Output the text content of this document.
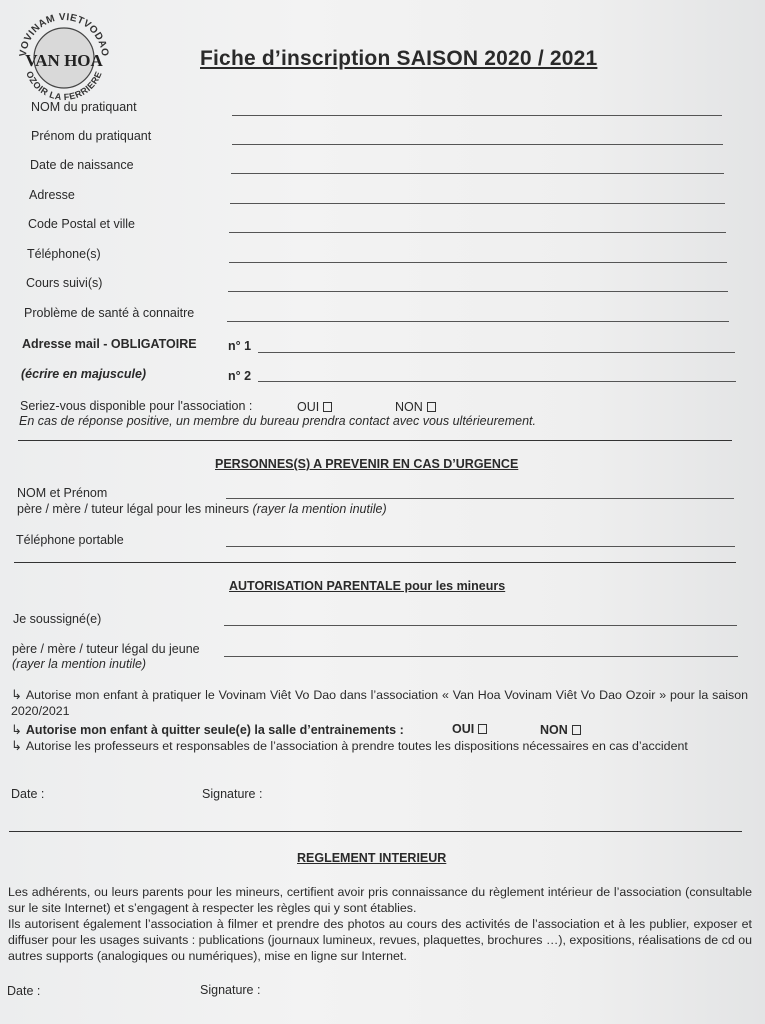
VOVINAM VIETVODAO
OZOIR LA FERRIERE
VAN HOA	Fiche d’inscription SAISON 2020 / 2021
NOM du pratiquant
Prénom du pratiquant
Date de naissance
Adresse
Code Postal et ville
Téléphone(s)
Cours suivi(s)
Problème de santé à connaitre
Adresse mail - OBLIGATOIRE	n° 1
(écrire en majuscule)	n° 2
Seriez-vous disponible pour l'association :	OUI	NON
En cas de réponse positive, un membre du bureau prendra contact avec vous ultérieurement.
PERSONNES(S) A PREVENIR EN CAS D’URGENCE
NOM et Prénom
père / mère / tuteur légal pour les mineurs (rayer la mention inutile)
Téléphone portable
AUTORISATION PARENTALE pour les mineurs
Je soussigné(e)
père / mère / tuteur légal du jeune
(rayer la mention inutile)
↳ Autorise mon enfant à pratiquer le Vovinam Viêt Vo Dao dans l’association « Van Hoa Vovinam Viêt Vo Dao Ozoir » pour la saison 2020/2021
↳ Autorise mon enfant à quitter seule(e) la salle d’entrainements :	OUI	NON
↳ Autorise les professeurs et responsables de l’association à prendre toutes les dispositions nécessaires en cas d’accident
Date :	Signature :
REGLEMENT INTERIEUR
Les adhérents, ou leurs parents pour les mineurs, certifient avoir pris connaissance du règlement intérieur de l’association (consultable sur le site Internet) et s’engagent à respecter les règles qui y sont établies.
Ils autorisent également l’association à filmer et prendre des photos au cours des activités de l’association et à les publier, exposer et diffuser pour les usages suivants : publications (journaux lumineux, revues, plaquettes, brochures …), expositions, réalisations de cd ou autres supports (analogiques ou numériques), mise en ligne sur Internet.
Date :	Signature :
